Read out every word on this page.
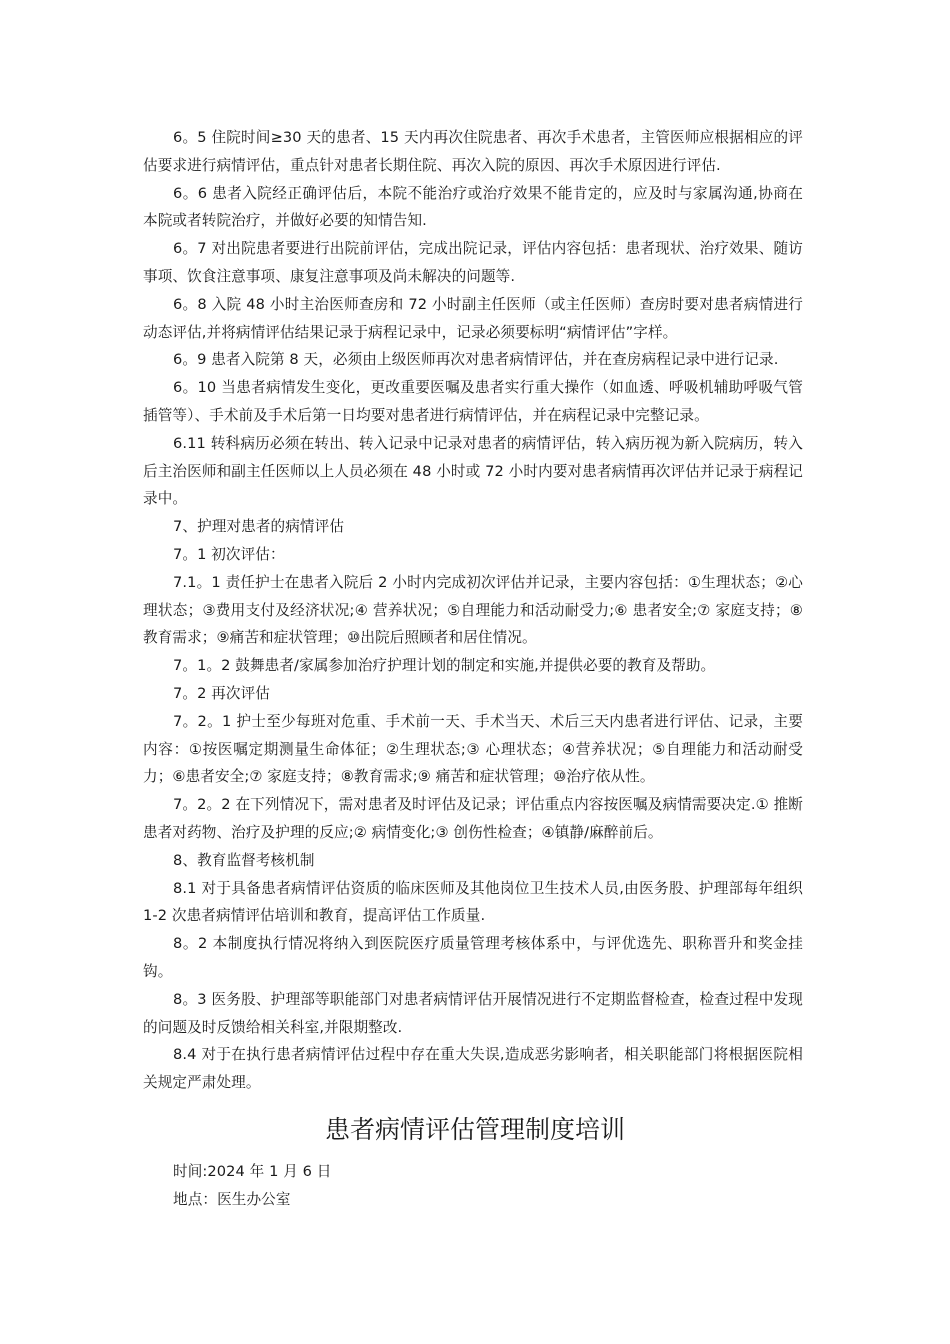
6。5 住院时间≥30 天的患者、15 天内再次住院患者、再次手术患者，主管医师应根据相应的评估要求进行病情评估，重点针对患者长期住院、再次入院的原因、再次手术原因进行评估.

6。6 患者入院经正确评估后，本院不能治疗或治疗效果不能肯定的，应及时与家属沟通,协商在本院或者转院治疗，并做好必要的知情告知.

6。7 对出院患者要进行出院前评估，完成出院记录，评估内容包括：患者现状、治疗效果、随访事项、饮食注意事项、康复注意事项及尚未解决的问题等.

6。8 入院 48 小时主治医师查房和 72 小时副主任医师（或主任医师）查房时要对患者病情进行动态评估,并将病情评估结果记录于病程记录中，记录必须要标明“病情评估”字样。

6。9 患者入院第 8 天，必须由上级医师再次对患者病情评估，并在查房病程记录中进行记录.

6。10 当患者病情发生变化，更改重要医嘱及患者实行重大操作（如血透、呼吸机辅助呼吸气管插管等）、手术前及手术后第一日均要对患者进行病情评估，并在病程记录中完整记录。

6.11 转科病历必须在转出、转入记录中记录对患者的病情评估，转入病历视为新入院病历，转入后主治医师和副主任医师以上人员必须在 48 小时或 72 小时内要对患者病情再次评估并记录于病程记录中。

7、护理对患者的病情评估

7。1 初次评估：

7.1。1 责任护士在患者入院后 2 小时内完成初次评估并记录，主要内容包括：①生理状态；②心理状态；③费用支付及经济状况;④ 营养状况；⑤自理能力和活动耐受力;⑥ 患者安全;⑦ 家庭支持；⑧教育需求；⑨痛苦和症状管理；⑩出院后照顾者和居住情况。

7。1。2 鼓舞患者/家属参加治疗护理计划的制定和实施,并提供必要的教育及帮助。

7。2 再次评估

7。2。1 护士至少每班对危重、手术前一天、手术当天、术后三天内患者进行评估、记录，主要内容：①按医嘱定期测量生命体征；②生理状态;③ 心理状态；④营养状况；⑤自理能力和活动耐受力；⑥患者安全;⑦ 家庭支持；⑧教育需求;⑨ 痛苦和症状管理；⑩治疗依从性。

7。2。2 在下列情况下，需对患者及时评估及记录；评估重点内容按医嘱及病情需要决定.① 推断患者对药物、治疗及护理的反应;② 病情变化;③ 创伤性检查；④镇静/麻醉前后。

8、教育监督考核机制

8.1 对于具备患者病情评估资质的临床医师及其他岗位卫生技术人员,由医务股、护理部每年组织 1-2 次患者病情评估培训和教育，提高评估工作质量.

8。2 本制度执行情况将纳入到医院医疗质量管理考核体系中，与评优选先、职称晋升和奖金挂钩。

8。3 医务股、护理部等职能部门对患者病情评估开展情况进行不定期监督检查，检查过程中发现的问题及时反馈给相关科室,并限期整改.

8.4 对于在执行患者病情评估过程中存在重大失误,造成恶劣影响者，相关职能部门将根据医院相关规定严肃处理。

患者病情评估管理制度培训

时间:2024 年 1 月 6 日

地点：医生办公室
